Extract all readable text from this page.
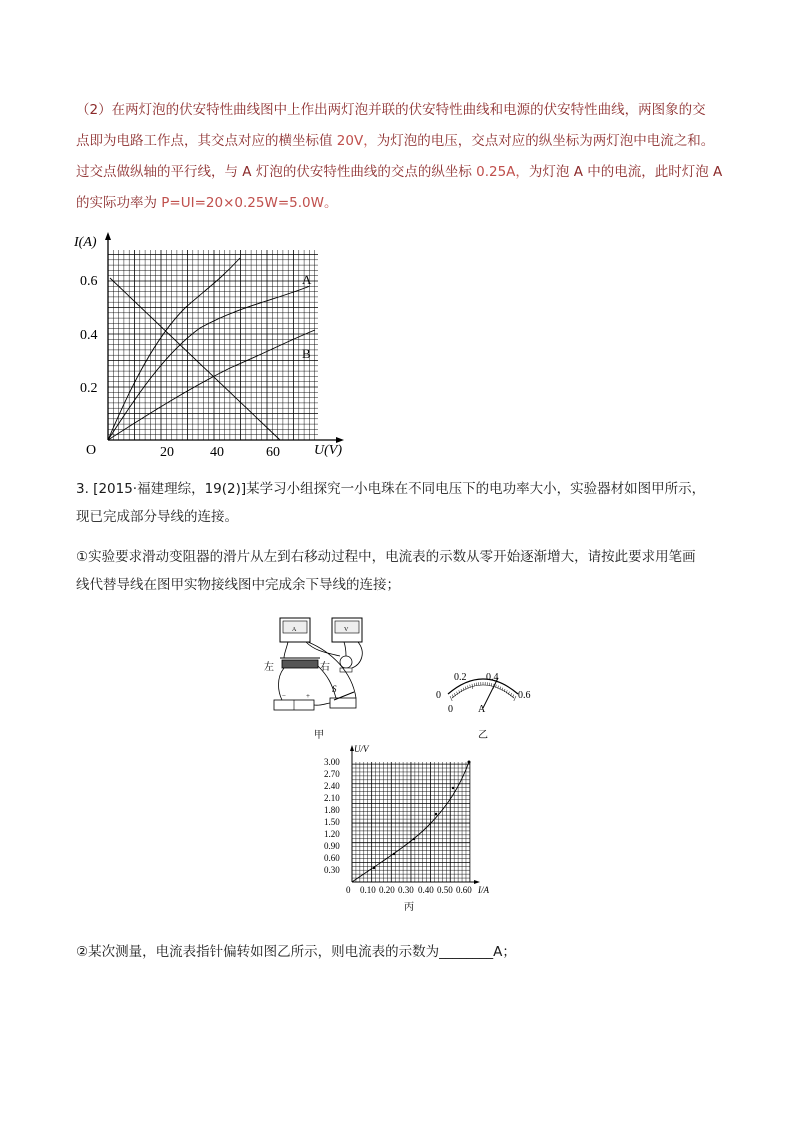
（2）在两灯泡的伏安特性曲线图中上作出两灯泡并联的伏安特性曲线和电源的伏安特性曲线，两图象的交
点即为电路工作点，其交点对应的横坐标值 20V，为灯泡的电压，交点对应的纵坐标为两灯泡中电流之和。
过交点做纵轴的平行线，与 A 灯泡的伏安特性曲线的交点的纵坐标 0.25A，为灯泡 A 中的电流，此时灯泡 A
的实际功率为 P=UI=20×0.25W=5.0W。
I(A)
O
0.6
0.4
0.2
20	40	60 U(V)
A
B
3. [2015·福建理综，19(2)]某学习小组探究一小电珠在不同电压下的电功率大小，实验器材如图甲所示，
现已完成部分导线的连接。
①实验要求滑动变阻器的滑片从左到右移动过程中，电流表的示数从零开始逐渐增大，请按此要求用笔画
线代替导线在图甲实物接线图中完成余下导线的连接；
A	V
左	右
−	+
S
甲
0
0.2 0.4
0.6
0	A
乙
U/V
3.00
2.70
2.40
2.10
1.80
1.50
1.20
0.90
0.60
0.30
0 0.10 0.20 0.30 0.40 0.50 0.60 I/A
丙
②某次测量，电流表指针偏转如图乙所示，则电流表的示数为________A；
